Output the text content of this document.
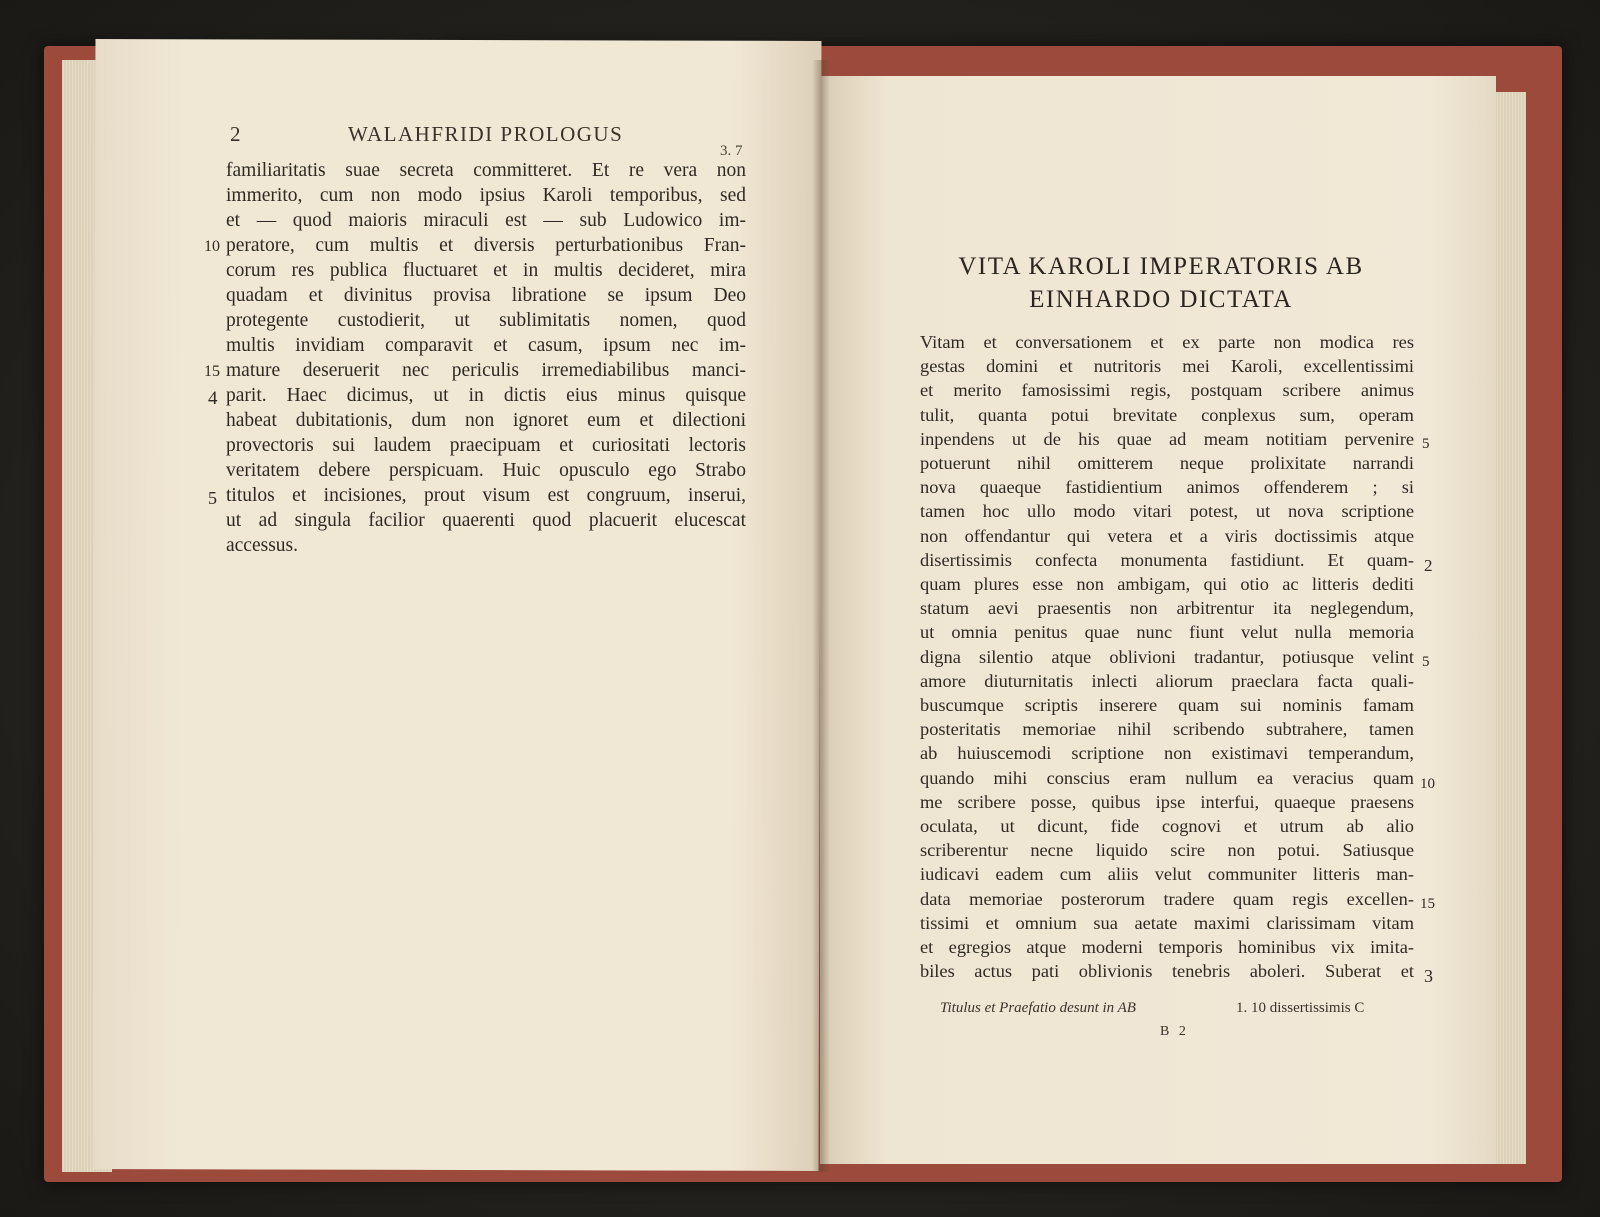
2	WALAHFRIDI PROLOGUS
3. 7
familiaritatis suae secreta committeret. Et re vera non
immerito, cum non modo ipsius Karoli temporibus, sed
et — quod maioris miraculi est — sub Ludowico im-
peratore, cum multis et diversis perturbationibus Fran-
corum res publica fluctuaret et in multis decideret, mira
quadam et divinitus provisa libratione se ipsum Deo
protegente custodierit, ut sublimitatis nomen, quod
multis invidiam comparavit et casum, ipsum nec im-
mature deseruerit nec periculis irremediabilibus manci-
parit. Haec dicimus, ut in dictis eius minus quisque
habeat dubitationis, dum non ignoret eum et dilectioni
provectoris sui laudem praecipuam et curiositati lectoris
veritatem debere perspicuam. Huic opusculo ego Strabo
titulos et incisiones, prout visum est congruum, inserui,
ut ad singula facilior quaerenti quod placuerit elucescat
accessus.
10
15
4
5
VITA KAROLI IMPERATORIS AB
EINHARDO DICTATA
Vitam et conversationem et ex parte non modica res
gestas domini et nutritoris mei Karoli, excellentissimi
et merito famosissimi regis, postquam scribere animus
tulit, quanta potui brevitate conplexus sum, operam
inpendens ut de his quae ad meam notitiam pervenire
potuerunt nihil omitterem neque prolixitate narrandi
nova quaeque fastidientium animos offenderem ; si
tamen hoc ullo modo vitari potest, ut nova scriptione
non offendantur qui vetera et a viris doctissimis atque
disertissimis confecta monumenta fastidiunt. Et quam-
quam plures esse non ambigam, qui otio ac litteris dediti
statum aevi praesentis non arbitrentur ita neglegendum,
ut omnia penitus quae nunc fiunt velut nulla memoria
digna silentio atque oblivioni tradantur, potiusque velint
amore diuturnitatis inlecti aliorum praeclara facta quali-
buscumque scriptis inserere quam sui nominis famam
posteritatis memoriae nihil scribendo subtrahere, tamen
ab huiuscemodi scriptione non existimavi temperandum,
quando mihi conscius eram nullum ea veracius quam
me scribere posse, quibus ipse interfui, quaeque praesens
oculata, ut dicunt, fide cognovi et utrum ab alio
scriberentur necne liquido scire non potui. Satiusque
iudicavi eadem cum aliis velut communiter litteris man-
data memoriae posterorum tradere quam regis excellen-
tissimi et omnium sua aetate maximi clarissimam vitam
et egregios atque moderni temporis hominibus vix imita-
biles actus pati oblivionis tenebris aboleri. Suberat et
5
2
5
10
15
3
Titulus et Praefatio desunt in AB	1. 10 dissertissimis C
B 2
